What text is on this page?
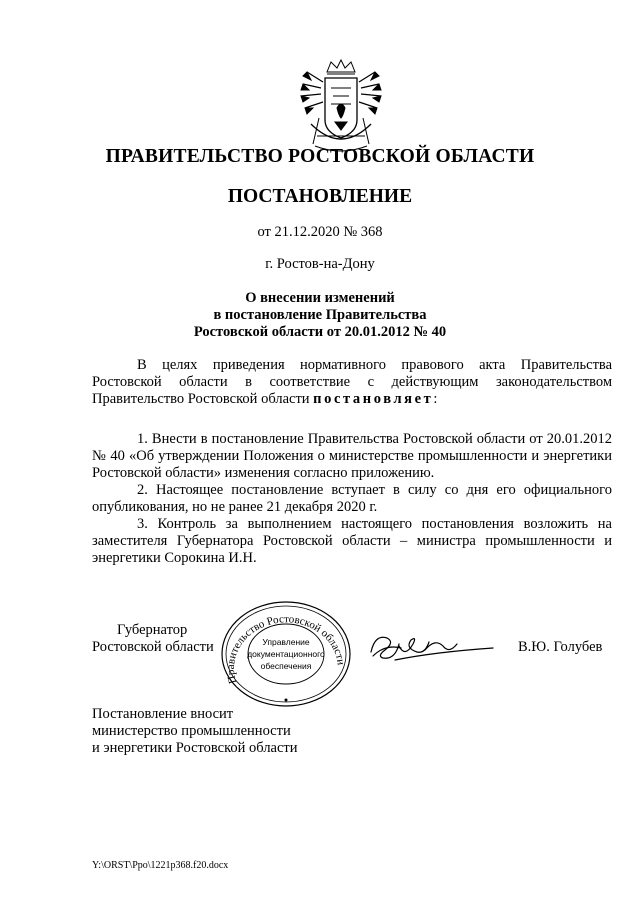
ПРАВИТЕЛЬСТВО РОСТОВСКОЙ ОБЛАСТИ
ПОСТАНОВЛЕНИЕ
от 21.12.2020 № 368
г. Ростов-на-Дону
О внесении изменений
в постановление Правительства
Ростовской области от 20.01.2012 № 40

В целях приведения нормативного правового акта Правительства Ростовской области в соответствие с действующим законодательством Правительство Ростовской области постановляет:

1. Внести в постановление Правительства Ростовской области от 20.01.2012 № 40 «Об утверждении Положения о министерстве промышленности и энергетики Ростовской области» изменения согласно приложению.

2. Настоящее постановление вступает в силу со дня его официального опубликования, но не ранее 21 декабря 2020 г.

3. Контроль за выполнением настоящего постановления возложить на заместителя Губернатора Ростовской области – министра промышленности и энергетики Сорокина И.Н.

Губернатор
Ростовской области
Правительство Ростовской области
Управление
документационного
обеспечения
В.Ю. Голубев
Постановление вносит
министерство промышленности
и энергетики Ростовской области
Y:\ORST\Ppo\1221p368.f20.docx
